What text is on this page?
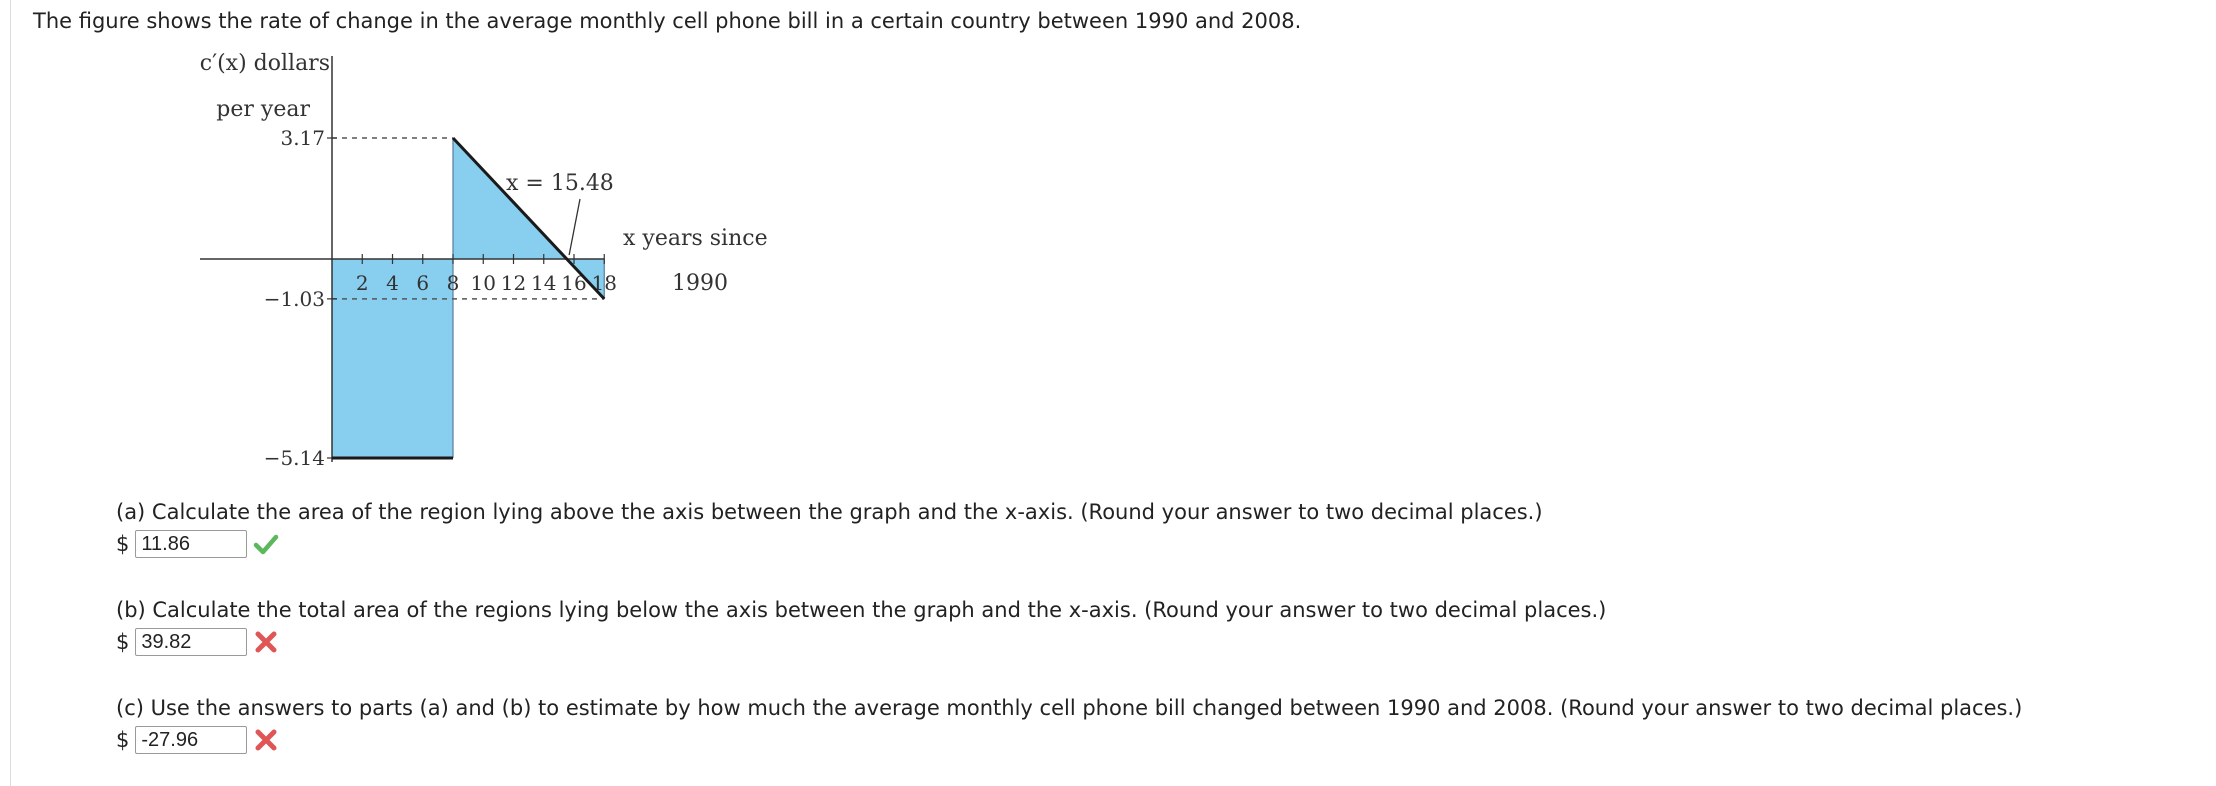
The figure shows the rate of change in the average monthly cell phone bill in a certain country between 1990 and 2008.
2 4 6 8 10 12 14 16 18
3.17
−1.03
−5.14
c′(x) dollars
per year
x years since
1990
x = 15.48
(a) Calculate the area of the region lying above the axis between the graph and the x-axis. (Round your answer to two decimal places.)
$
11.86
(b) Calculate the total area of the regions lying below the axis between the graph and the x-axis. (Round your answer to two decimal places.)
$
39.82
(c) Use the answers to parts (a) and (b) to estimate by how much the average monthly cell phone bill changed between 1990 and 2008. (Round your answer to two decimal places.)
$
-27.96
